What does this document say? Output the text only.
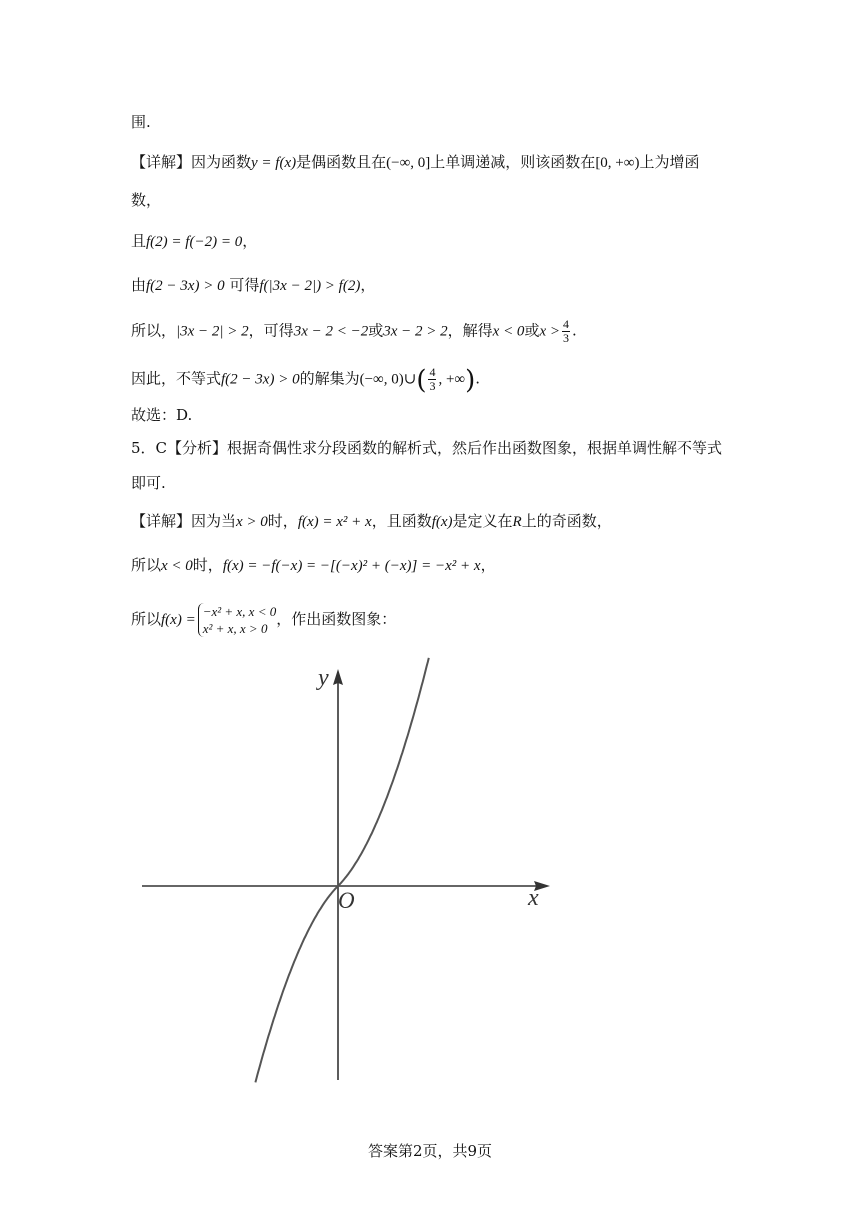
围.
【详解】因为函数y = f(x)是偶函数且在(−∞, 0]上单调递减，则该函数在[0, +∞)上为增函
数，
且f(2) = f(−2) = 0，
由f(2 − 3x) > 0 可得f(|3x − 2|) > f(2)，
所以，|3x − 2| > 2，可得3x − 2 < −2或3x − 2 > 2，解得x < 0或$x > \frac{4}{3}$ .
因此，不等式f(2 − 3x) > 0的解集为(−∞, 0)∪( $\frac{4}{3}$ , +∞).
故选：D.
5．C【分析】根据奇偶性求分段函数的解析式，然后作出函数图象，根据单调性解不等式
即可.
【详解】因为当x > 0时，f(x) = x² + x，且函数f(x)是定义在R上的奇函数，
所以x < 0时，f(x) = −f(−x) = −[(−x)² + (−x)] = −x² + x，
所以f(x) =
−x² + x, x < 0
x² + x, x > 0
，作出函数图象：
y
x
O
答案第2页，共9页
